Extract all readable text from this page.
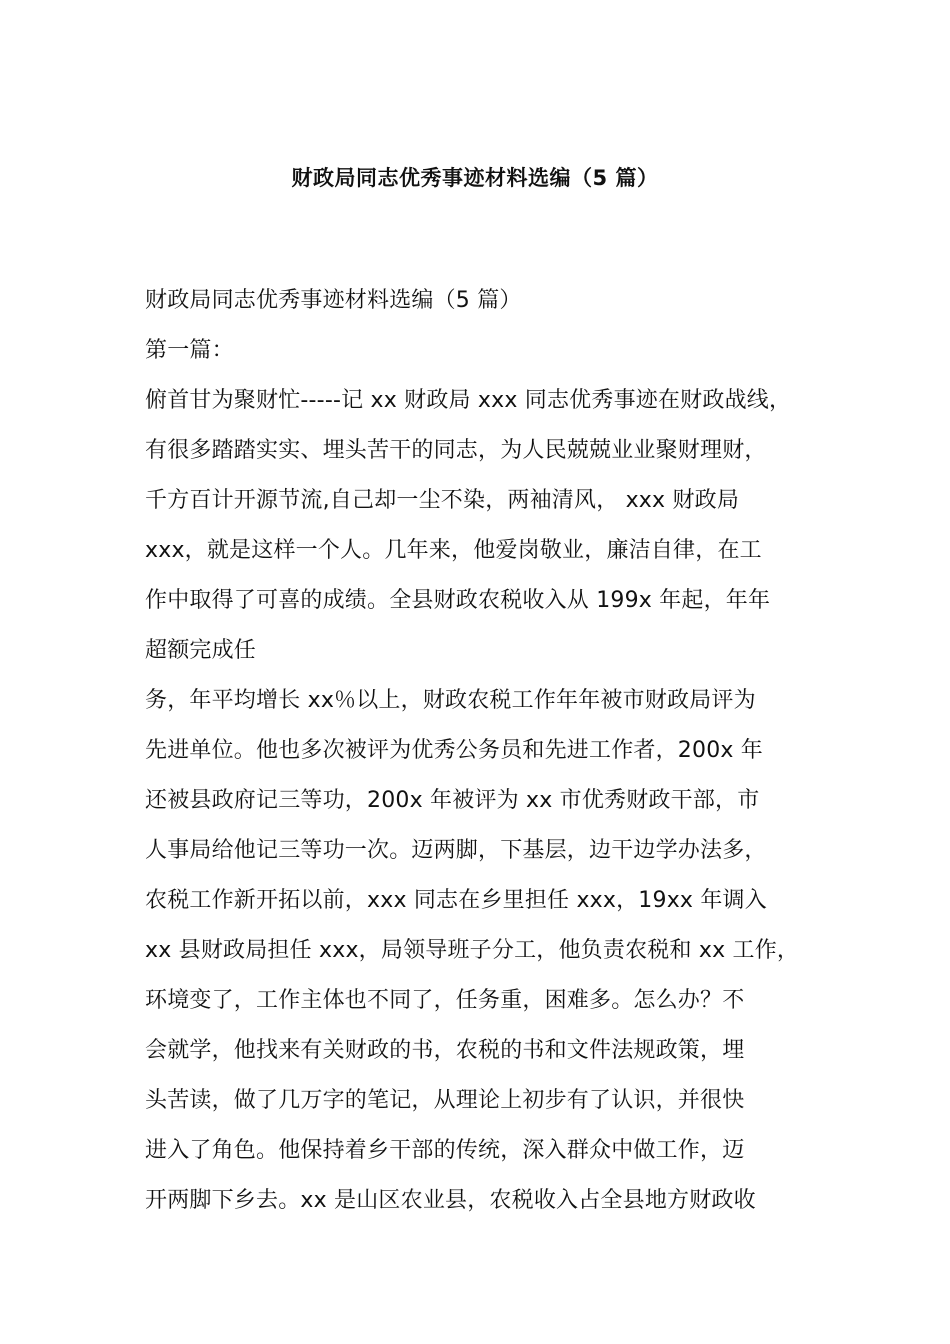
财政局同志优秀事迹材料选编（5 篇）
财政局同志优秀事迹材料选编（5 篇）
第一篇：
俯首甘为聚财忙-----记 xx 财政局 xxx 同志优秀事迹在财政战线，
有很多踏踏实实、埋头苦干的同志，为人民兢兢业业聚财理财，
千方百计开源节流,自己却一尘不染，两袖清风， xxx 财政局
xxx，就是这样一个人。几年来，他爱岗敬业，廉洁自律，在工
作中取得了可喜的成绩。全县财政农税收入从 199x 年起，年年
超额完成任
务，年平均增长 xx％以上，财政农税工作年年被市财政局评为
先进单位。他也多次被评为优秀公务员和先进工作者，200x 年
还被县政府记三等功，200x 年被评为 xx 市优秀财政干部，市
人事局给他记三等功一次。迈两脚，下基层，边干边学办法多，
农税工作新开拓以前，xxx 同志在乡里担任 xxx，19xx 年调入
xx 县财政局担任 xxx，局领导班子分工，他负责农税和 xx 工作，
环境变了，工作主体也不同了，任务重，困难多。怎么办？不
会就学，他找来有关财政的书，农税的书和文件法规政策，埋
头苦读，做了几万字的笔记，从理论上初步有了认识，并很快
进入了角色。他保持着乡干部的传统，深入群众中做工作，迈
开两脚下乡去。xx 是山区农业县，农税收入占全县地方财政收
